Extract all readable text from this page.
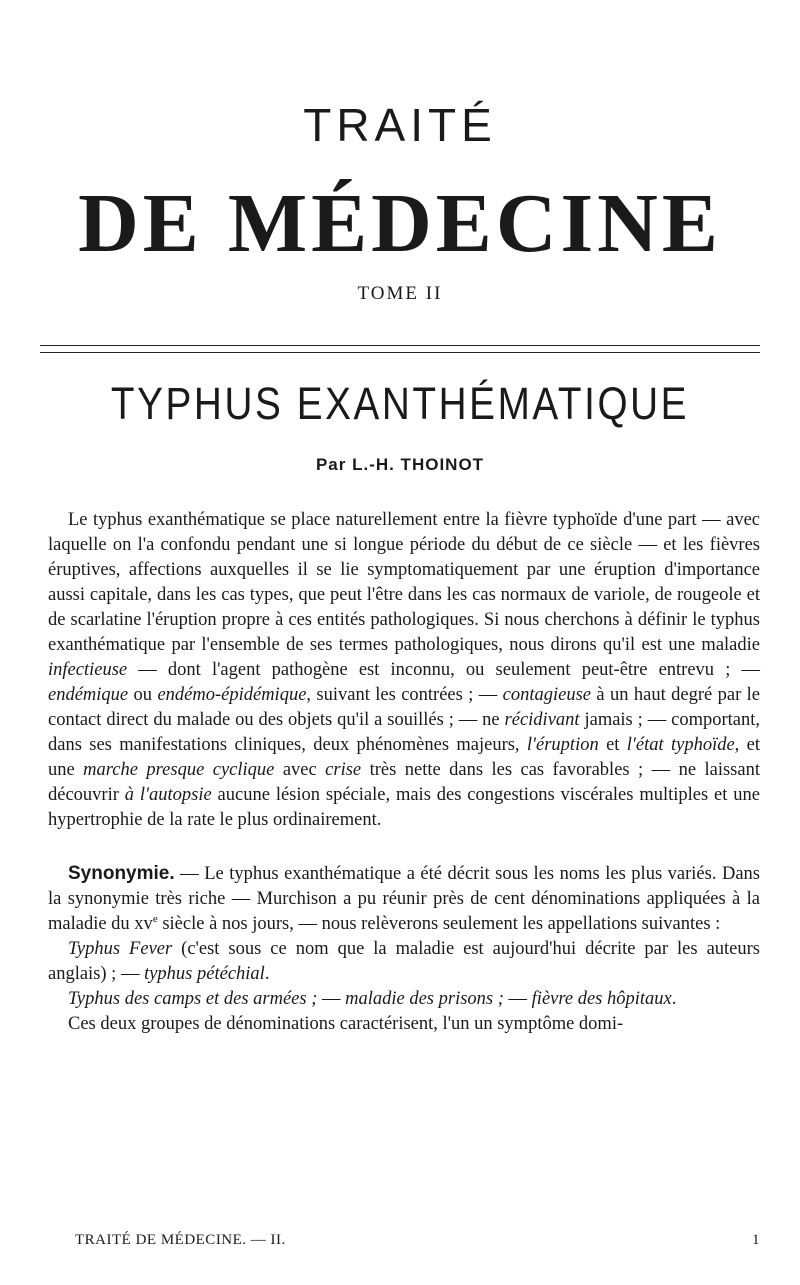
TRAITÉ
DE MÉDECINE
TOME II
TYPHUS EXANTHÉMATIQUE
Par L.-H. THOINOT

Le typhus exanthématique se place naturellement entre la fièvre typhoïde d'une part — avec laquelle on l'a confondu pendant une si longue période du début de ce siècle — et les fièvres éruptives, affections auxquelles il se lie symptomatiquement par une éruption d'importance aussi capitale, dans les cas types, que peut l'être dans les cas normaux de variole, de rougeole et de scarlatine l'éruption propre à ces entités pathologiques. Si nous cherchons à définir le typhus exanthématique par l'ensemble de ses termes pathologiques, nous dirons qu'il est une maladie infectieuse — dont l'agent pathogène est inconnu, ou seulement peut-être entrevu ; — endémique ou endémo-épidémique, suivant les contrées ; — contagieuse à un haut degré par le contact direct du malade ou des objets qu'il a souillés ; — ne récidivant jamais ; — comportant, dans ses manifestations cliniques, deux phénomènes majeurs, l'éruption et l'état typhoïde, et une marche presque cyclique avec crise très nette dans les cas favorables ; — ne laissant découvrir à l'autopsie aucune lésion spéciale, mais des congestions viscérales multiples et une hypertrophie de la rate le plus ordinairement.

Synonymie. — Le typhus exanthématique a été décrit sous les noms les plus variés. Dans la synonymie très riche — Murchison a pu réunir près de cent dénominations appliquées à la maladie du $xv^e$ siècle à nos jours, — nous relèverons seulement les appellations suivantes :

Typhus Fever (c'est sous ce nom que la maladie est aujourd'hui décrite par les auteurs anglais) ; — typhus pétéchial.

Typhus des camps et des armées ; — maladie des prisons ; — fièvre des hôpitaux.

Ces deux groupes de dénominations caractérisent, l'un un symptôme domi-

TRAITÉ DE MÉDECINE. — II.	1
